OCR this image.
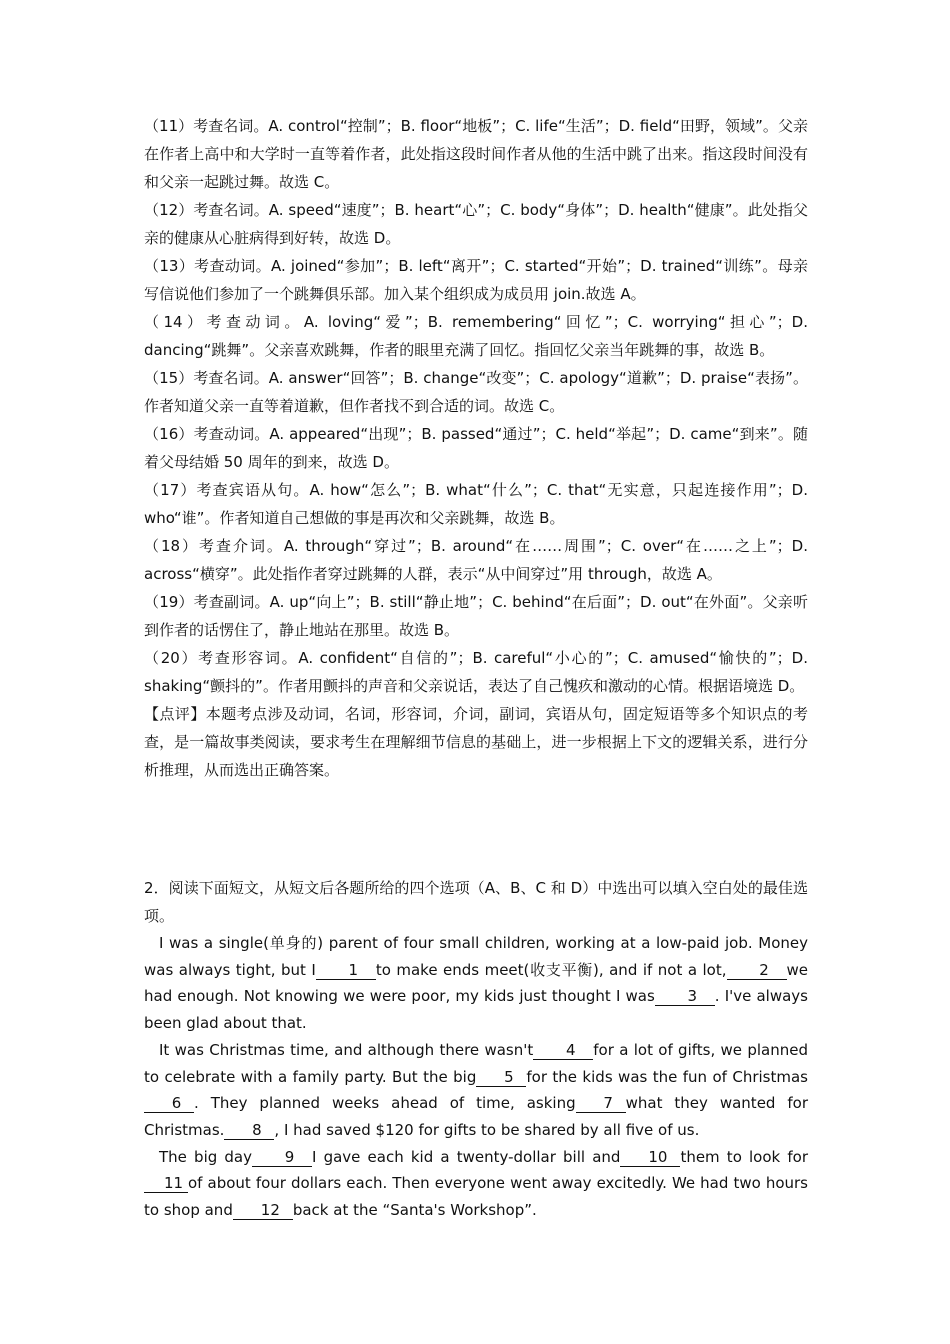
（11）考查名词。A. control“控制”；B. floor“地板”；C. life“生活”；D. field“田野，领域”。父亲在作者上高中和大学时一直等着作者，此处指这段时间作者从他的生活中跳了出来。指这段时间没有和父亲一起跳过舞。故选 C。

（12）考查名词。A. speed“速度”；B. heart“心”；C. body“身体”；D. health“健康”。此处指父亲的健康从心脏病得到好转，故选 D。

（13）考查动词。A. joined“参加”；B. left“离开”；C. started“开始”；D. trained“训练”。母亲写信说他们参加了一个跳舞俱乐部。加入某个组织成为成员用 join.故选 A。

（14）考查动词。A. loving“爱”；B. remembering“回忆”；C. worrying“担心”；D. dancing“跳舞”。父亲喜欢跳舞，作者的眼里充满了回忆。指回忆父亲当年跳舞的事，故选 B。

（15）考查名词。A. answer“回答”；B. change“改变”；C. apology“道歉”；D. praise“表扬”。作者知道父亲一直等着道歉，但作者找不到合适的词。故选 C。

（16）考查动词。A. appeared“出现”；B. passed“通过”；C. held“举起”；D. came“到来”。随着父母结婚 50 周年的到来，故选 D。

（17）考查宾语从句。A. how“怎么”；B. what“什么”；C. that“无实意，只起连接作用”；D. who“谁”。作者知道自己想做的事是再次和父亲跳舞，故选 B。

（18）考查介词。A. through“穿过”；B. around“在……周围”；C. over“在……之上”；D. across“横穿”。此处指作者穿过跳舞的人群，表示“从中间穿过”用 through，故选 A。

（19）考查副词。A. up“向上”；B. still“静止地”；C. behind“在后面”；D. out“在外面”。父亲听到作者的话愣住了，静止地站在那里。故选 B。

（20）考查形容词。A. confident“自信的”；B. careful“小心的”；C. amused“愉快的”；D. shaking“颤抖的”。作者用颤抖的声音和父亲说话，表达了自己愧疚和激动的心情。根据语境选 D。

【点评】本题考点涉及动词，名词，形容词，介词，副词，宾语从句，固定短语等多个知识点的考查，是一篇故事类阅读，要求考生在理解细节信息的基础上，进一步根据上下文的逻辑关系，进行分析推理，从而选出正确答案。

2．阅读下面短文，从短文后各题所给的四个选项（A、B、C 和 D）中选出可以填入空白处的最佳选项。

I was a single(单身的) parent of four small children, working at a low-paid job. Money was always tight, but I 1 to make ends meet(收支平衡), and if not a lot, 2 we had enough. Not knowing we were poor, my kids just thought I was 3 . I've always been glad about that.

It was Christmas time, and although there wasn't 4 for a lot of gifts, we planned to celebrate with a family party. But the big 5 for the kids was the fun of Christmas6 . They planned weeks ahead of time, asking 7 what they wanted for Christmas. 8 , I had saved $120 for gifts to be shared by all five of us.

The big day 9 I gave each kid a twenty-dollar bill and 10 them to look for11 of about four dollars each. Then everyone went away excitedly. We had two hours to shop and 12 back at the “Santa's Workshop”.
